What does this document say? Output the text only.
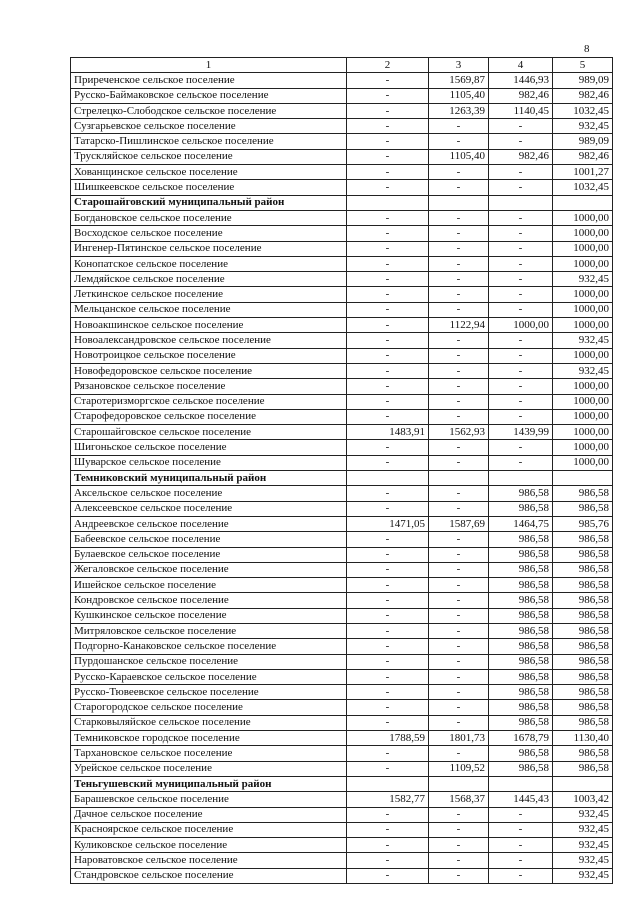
8
1	2	3	4	5
Приреченское сельское поселение	-	1569,87	1446,93	989,09
Русско-Баймаковское сельское поселение	-	1105,40	982,46	982,46
Стрелецко-Слободское сельское поселение	-	1263,39	1140,45	1032,45
Сузгарьевское сельское поселение	-	-	-	932,45
Татарско-Пишлинское сельское поселение	-	-	-	989,09
Трускляйское сельское поселение	-	1105,40	982,46	982,46
Хованщинское сельское поселение	-	-	-	1001,27
Шишкеевское сельское поселение	-	-	-	1032,45
Старошайговский муниципальный район				
Богдановское сельское поселение	-	-	-	1000,00
Восходское сельское поселение	-	-	-	1000,00
Ингенер-Пятинское сельское поселение	-	-	-	1000,00
Конопатское сельское поселение	-	-	-	1000,00
Лемдяйское сельское поселение	-	-	-	932,45
Леткинское сельское поселение	-	-	-	1000,00
Мельцанское сельское поселение	-	-	-	1000,00
Новоакшинское сельское поселение	-	1122,94	1000,00	1000,00
Новоалександровское сельское поселение	-	-	-	932,45
Новотроицкое сельское поселение	-	-	-	1000,00
Новофедоровское сельское поселение	-	-	-	932,45
Рязановское сельское поселение	-	-	-	1000,00
Старотеризморгское сельское поселение	-	-	-	1000,00
Старофедоровское сельское поселение	-	-	-	1000,00
Старошайговское сельское поселение	1483,91	1562,93	1439,99	1000,00
Шигоньское сельское поселение	-	-	-	1000,00
Шуварское сельское поселение	-	-	-	1000,00
Темниковский муниципальный район				
Аксельское сельское поселение	-	-	986,58	986,58
Алексеевское сельское поселение	-	-	986,58	986,58
Андреевское сельское поселение	1471,05	1587,69	1464,75	985,76
Бабеевское сельское поселение	-	-	986,58	986,58
Булаевское сельское поселение	-	-	986,58	986,58
Жегаловское сельское поселение	-	-	986,58	986,58
Ишейское сельское поселение	-	-	986,58	986,58
Кондровское сельское поселение	-	-	986,58	986,58
Кушкинское сельское поселение	-	-	986,58	986,58
Митряловское сельское поселение	-	-	986,58	986,58
Подгорно-Канаковское сельское поселение	-	-	986,58	986,58
Пурдошанское сельское поселение	-	-	986,58	986,58
Русско-Караевское сельское поселение	-	-	986,58	986,58
Русско-Тювеевское сельское поселение	-	-	986,58	986,58
Старогородское сельское поселение	-	-	986,58	986,58
Старковыляйское сельское поселение	-	-	986,58	986,58
Темниковское городское поселение	1788,59	1801,73	1678,79	1130,40
Тархановское сельское поселение	-	-	986,58	986,58
Урейское сельское поселение	-	1109,52	986,58	986,58
Теньгушевский муниципальный район				
Барашевское сельское поселение	1582,77	1568,37	1445,43	1003,42
Дачное сельское поселение	-	-	-	932,45
Красноярское сельское поселение	-	-	-	932,45
Куликовское сельское поселение	-	-	-	932,45
Нароватовское сельское поселение	-	-	-	932,45
Стандровское сельское поселение	-	-	-	932,45
